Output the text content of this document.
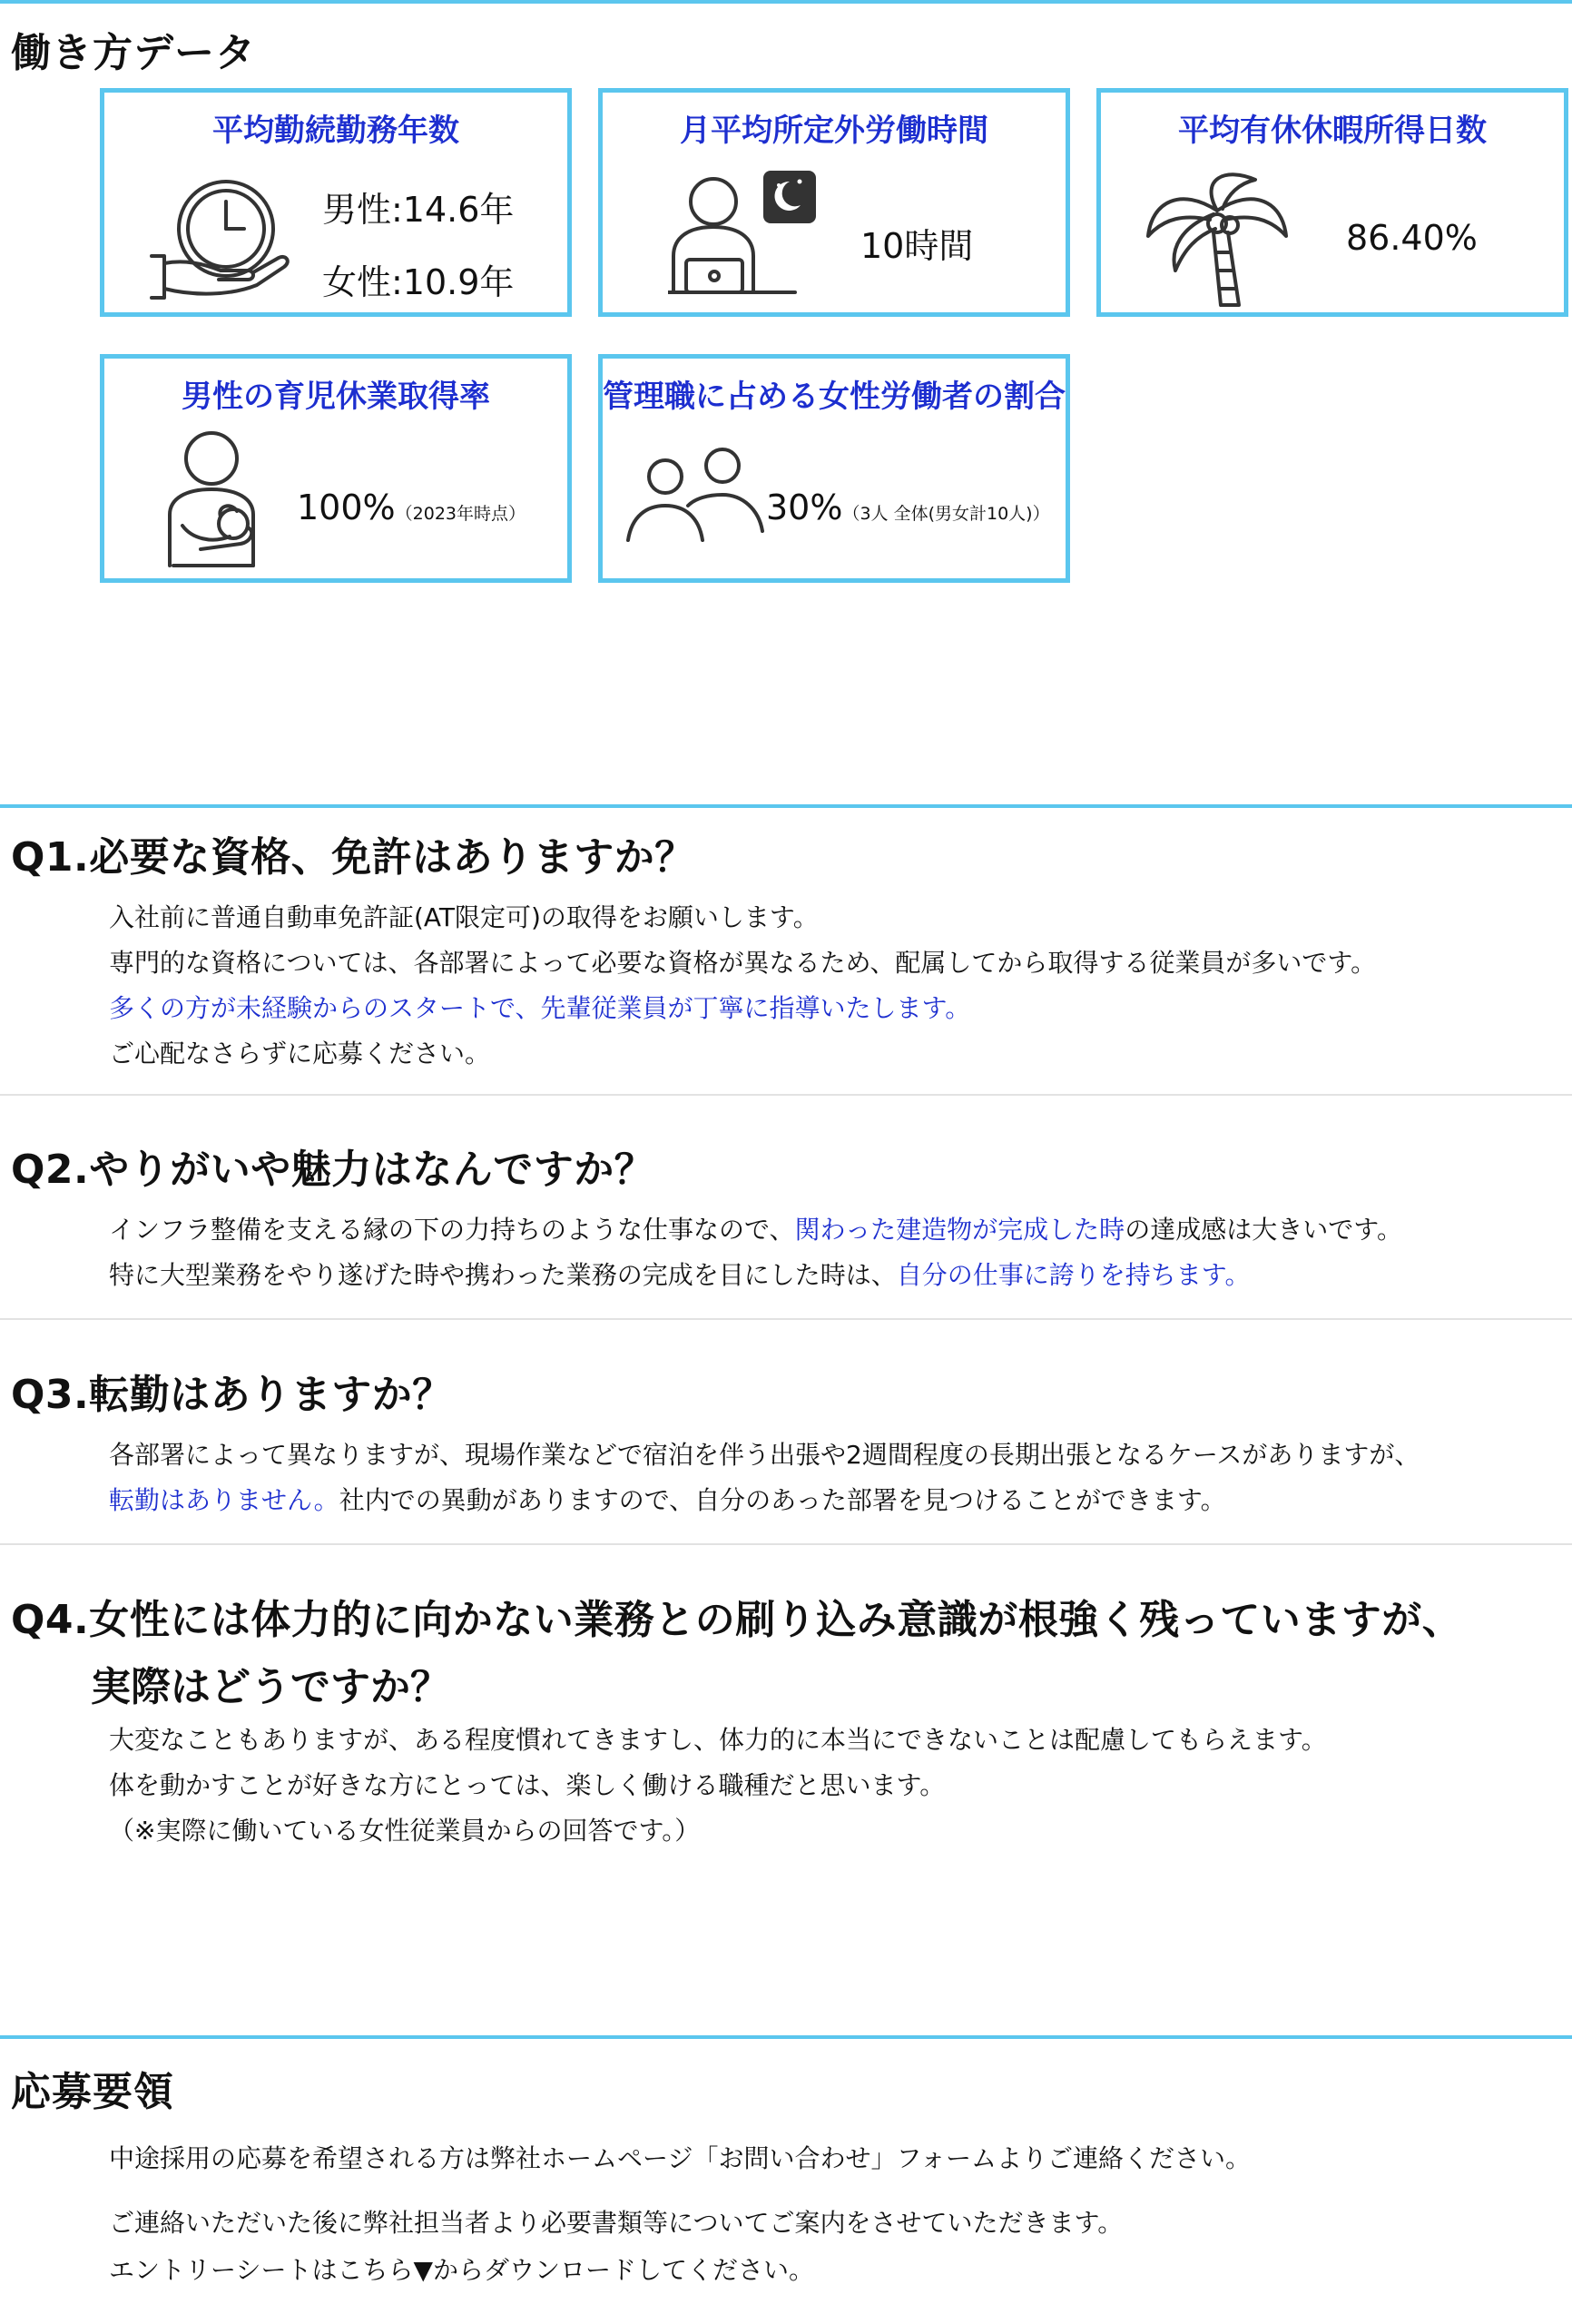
働き方データ
平均勤続勤務年数
男性:14.6年
女性:10.9年
月平均所定外労働時間
10時間
平均有休休暇所得日数
86.40%
男性の育児休業取得率
100%（2023年時点）
管理職に占める女性労働者の割合
30%（3人 全体(男女計10人)）
Q1.必要な資格、免許はありますか？

入社前に普通自動車免許証(AT限定可)の取得をお願いします。

専門的な資格については、各部署によって必要な資格が異なるため、配属してから取得する従業員が多いです。

多くの方が未経験からのスタートで、先輩従業員が丁寧に指導いたします。

ご心配なさらずに応募ください。

Q2.やりがいや魅力はなんですか？

インフラ整備を支える縁の下の力持ちのような仕事なので、関わった建造物が完成した時の達成感は大きいです。

特に大型業務をやり遂げた時や携わった業務の完成を目にした時は、自分の仕事に誇りを持ちます。

Q3.転勤はありますか？

各部署によって異なりますが、現場作業などで宿泊を伴う出張や2週間程度の長期出張となるケースがありますが、

転勤はありません。社内での異動がありますので、自分のあった部署を見つけることができます。

Q4.女性には体力的に向かない業務との刷り込み意識が根強く残っていますが、
実際はどうですか？

大変なこともありますが、ある程度慣れてきますし、体力的に本当にできないことは配慮してもらえます。

体を動かすことが好きな方にとっては、楽しく働ける職種だと思います。

（※実際に働いている女性従業員からの回答です。）

応募要領

中途採用の応募を希望される方は弊社ホームページ「お問い合わせ」フォームよりご連絡ください。

ご連絡いただいた後に弊社担当者より必要書類等についてご案内をさせていただきます。

エントリーシートはこちら▼からダウンロードしてください。
